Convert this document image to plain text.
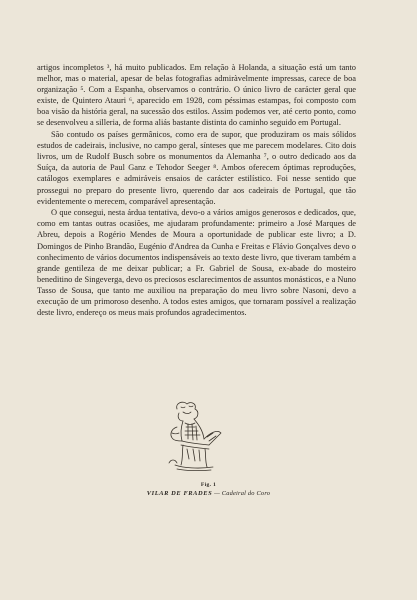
artigos incompletos ³, há muito publicados. Em relação à Holanda, a situação está um tanto melhor, mas o material, apesar de belas fotografias admiràvelmente impressas, carece de boa organização ⁵. Com a Espanha, observamos o contrário. O único livro de carácter geral que existe, de Quintero Atauri ⁶, aparecido em 1928, com péssimas estampas, foi composto com boa visão da história geral, na sucessão dos estilos. Assim podemos ver, até certo ponto, como se desenvolveu a silleria, de forma aliás bastante distinta do caminho seguido em Portugal.

São contudo os países germânicos, como era de supor, que produziram os mais sólidos estudos de cadeirais, inclusive, no campo geral, sínteses que me parecem modelares. Cito dois livros, um de Rudolf Busch sobre os monumentos da Alemanha ⁷, o outro dedicado aos da Suíça, da autoria de Paul Ganz e Tehodor Seeger ⁸. Ambos oferecem óptimas reproduções, catálogos exemplares e admiráveis ensaios de carácter estilístico. Foi nesse sentido que prossegui no preparo do presente livro, querendo dar aos cadeirais de Portugal, que tão evidentemente o merecem, comparável apresentação.

O que consegui, nesta árdua tentativa, devo-o a vários amigos generosos e dedicados, que, como em tantas outras ocasiões, me ajudaram profundamente: primeiro a José Marques de Abreu, depois a Rogério Mendes de Moura a oportunidade de publicar este livro; a D. Domingos de Pinho Brandão, Eugénio d'Andrea da Cunha e Freitas e Flávio Gonçalves devo o conhecimento de vários documentos indispensáveis ao texto deste livro, que tiveram também a grande gentileza de me deixar publicar; a Fr. Gabriel de Sousa, ex-abade do mosteiro beneditino de Singeverga, devo os preciosos esclarecimentos de assuntos monásticos, e a Nuno Tasso de Sousa, que tanto me auxiliou na preparação do meu livro sobre Nasoni, devo a execução de um primoroso desenho. A todos estes amigos, que tornaram possível a realização deste livro, endereço os meus mais profundos agradecimentos.

Fig. 1
VILAR DE FRADES — Cadeiral do Coro
